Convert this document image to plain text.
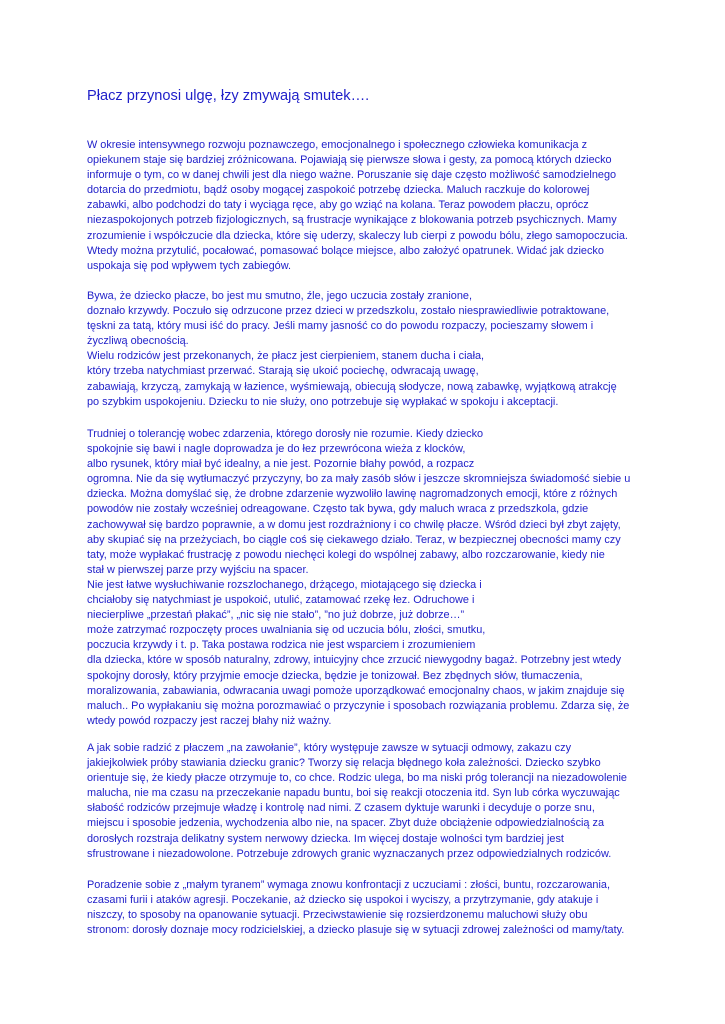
Płacz przynosi ulgę, łzy zmywają smutek….
W okresie intensywnego rozwoju poznawczego, emocjonalnego i społecznego człowieka komunikacja z
opiekunem staje się bardziej zróżnicowana. Pojawiają się pierwsze słowa i gesty, za pomocą których dziecko
informuje o tym, co w danej chwili jest dla niego ważne. Poruszanie się daje często możliwość samodzielnego
dotarcia do przedmiotu, bądź osoby mogącej zaspokoić potrzebę dziecka. Maluch raczkuje do kolorowej
zabawki, albo podchodzi do taty i wyciąga ręce, aby go wziąć na kolana. Teraz powodem płaczu, oprócz
niezaspokojonych potrzeb fizjologicznych, są frustracje wynikające z blokowania potrzeb psychicznych. Mamy
zrozumienie i współczucie dla dziecka, które się uderzy, skaleczy lub cierpi z powodu bólu, złego samopoczucia.
Wtedy można przytulić, pocałować, pomasować bolące miejsce, albo założyć opatrunek. Widać jak dziecko
uspokaja się pod wpływem tych zabiegów.
Bywa, że dziecko płacze, bo jest mu smutno, źle, jego uczucia zostały zranione,
doznało krzywdy. Poczuło się odrzucone przez dzieci w przedszkolu, zostało niesprawiedliwie potraktowane,
tęskni za tatą, który musi iść do pracy. Jeśli mamy jasność co do powodu rozpaczy, pocieszamy słowem i
życzliwą obecnością.
Wielu rodziców jest przekonanych, że płacz jest cierpieniem, stanem ducha i ciała,
który trzeba natychmiast przerwać. Starają się ukoić pociechę, odwracają uwagę,
zabawiają, krzyczą, zamykają w łazience, wyśmiewają, obiecują słodycze, nową zabawkę, wyjątkową atrakcję
po szybkim uspokojeniu. Dziecku to nie służy, ono potrzebuje się wypłakać w spokoju i akceptacji.
Trudniej o tolerancję wobec zdarzenia, którego dorosły nie rozumie. Kiedy dziecko
spokojnie się bawi i nagle doprowadza je do łez przewrócona wieża z klocków,
albo rysunek, który miał być idealny, a nie jest. Pozornie błahy powód, a rozpacz
ogromna. Nie da się wytłumaczyć przyczyny, bo za mały zasób słów i jeszcze skromniejsza świadomość siebie u
dziecka. Można domyślać się, że drobne zdarzenie wyzwoliło lawinę nagromadzonych emocji, które z różnych
powodów nie zostały wcześniej odreagowane. Często tak bywa, gdy maluch wraca z przedszkola, gdzie
zachowywał się bardzo poprawnie, a w domu jest rozdrażniony i co chwilę płacze. Wśród dzieci był zbyt zajęty,
aby skupiać się na przeżyciach, bo ciągle coś się ciekawego działo. Teraz, w bezpiecznej obecności mamy czy
taty, może wypłakać frustrację z powodu niechęci kolegi do wspólnej zabawy, albo rozczarowanie, kiedy nie
stał w pierwszej parze przy wyjściu na spacer.
Nie jest łatwe wysłuchiwanie rozszlochanego, drżącego, miotającego się dziecka i
chciałoby się natychmiast je uspokoić, utulić, zatamować rzekę łez. Odruchowe i
niecierpliwe „przestań płakać”, „nic się nie stało”, ”no już dobrze, już dobrze…”
może zatrzymać rozpoczęty proces uwalniania się od uczucia bólu, złości, smutku,
poczucia krzywdy i t. p. Taka postawa rodzica nie jest wsparciem i zrozumieniem
dla dziecka, które w sposób naturalny, zdrowy, intuicyjny chce zrzucić niewygodny bagaż. Potrzebny jest wtedy
spokojny dorosły, który przyjmie emocje dziecka, będzie je tonizował. Bez zbędnych słów, tłumaczenia,
moralizowania, zabawiania, odwracania uwagi pomoże uporządkować emocjonalny chaos, w jakim znajduje się
maluch.. Po wypłakaniu się można porozmawiać o przyczynie i sposobach rozwiązania problemu. Zdarza się, że
wtedy powód rozpaczy jest raczej błahy niż ważny.
A jak sobie radzić z płaczem „na zawołanie”, który występuje zawsze w sytuacji odmowy, zakazu czy
jakiejkolwiek próby stawiania dziecku granic? Tworzy się relacja błędnego koła zależności. Dziecko szybko
orientuje się, że kiedy płacze otrzymuje to, co chce. Rodzic ulega, bo ma niski próg tolerancji na niezadowolenie
malucha, nie ma czasu na przeczekanie napadu buntu, boi się reakcji otoczenia itd. Syn lub córka wyczuwając
słabość rodziców przejmuje władzę i kontrolę nad nimi. Z czasem dyktuje warunki i decyduje o porze snu,
miejscu i sposobie jedzenia, wychodzenia albo nie, na spacer. Zbyt duże obciążenie odpowiedzialnością za
dorosłych rozstraja delikatny system nerwowy dziecka. Im więcej dostaje wolności tym bardziej jest
sfrustrowane i niezadowolone. Potrzebuje zdrowych granic wyznaczanych przez odpowiedzialnych rodziców.
Poradzenie sobie z „małym tyranem” wymaga znowu konfrontacji z uczuciami : złości, buntu, rozczarowania,
czasami furii i ataków agresji. Poczekanie, aż dziecko się uspokoi i wyciszy, a przytrzymanie, gdy atakuje i
niszczy, to sposoby na opanowanie sytuacji. Przeciwstawienie się rozsierdzonemu maluchowi służy obu
stronom: dorosły doznaje mocy rodzicielskiej, a dziecko plasuje się w sytuacji zdrowej zależności od mamy/taty.
